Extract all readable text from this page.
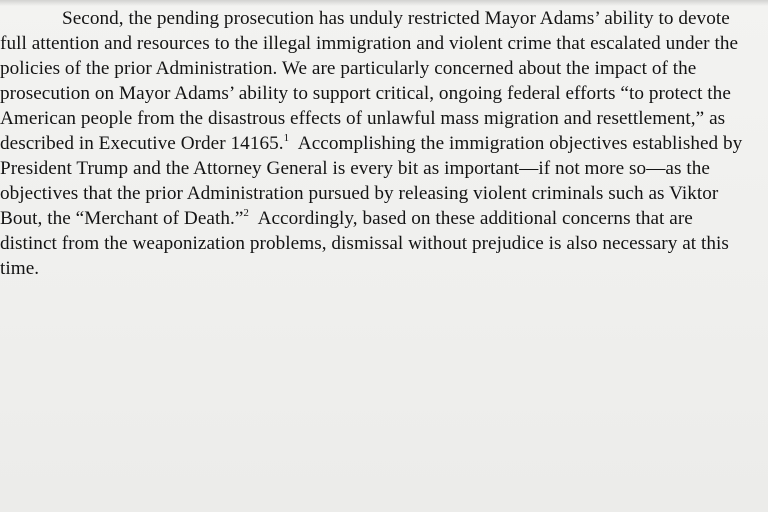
Second, the pending prosecution has unduly restricted Mayor Adams’ ability to devote
full attention and resources to the illegal immigration and violent crime that escalated under the
policies of the prior Administration. We are particularly concerned about the impact of the
prosecution on Mayor Adams’ ability to support critical, ongoing federal efforts “to protect the
American people from the disastrous effects of unlawful mass migration and resettlement,” as
described in Executive Order 14165.$^1$  Accomplishing the immigration objectives established by
President Trump and the Attorney General is every bit as important—if not more so—as the
objectives that the prior Administration pursued by releasing violent criminals such as Viktor
Bout, the “Merchant of Death.”$^2$  Accordingly, based on these additional concerns that are
distinct from the weaponization problems, dismissal without prejudice is also necessary at this
time.
